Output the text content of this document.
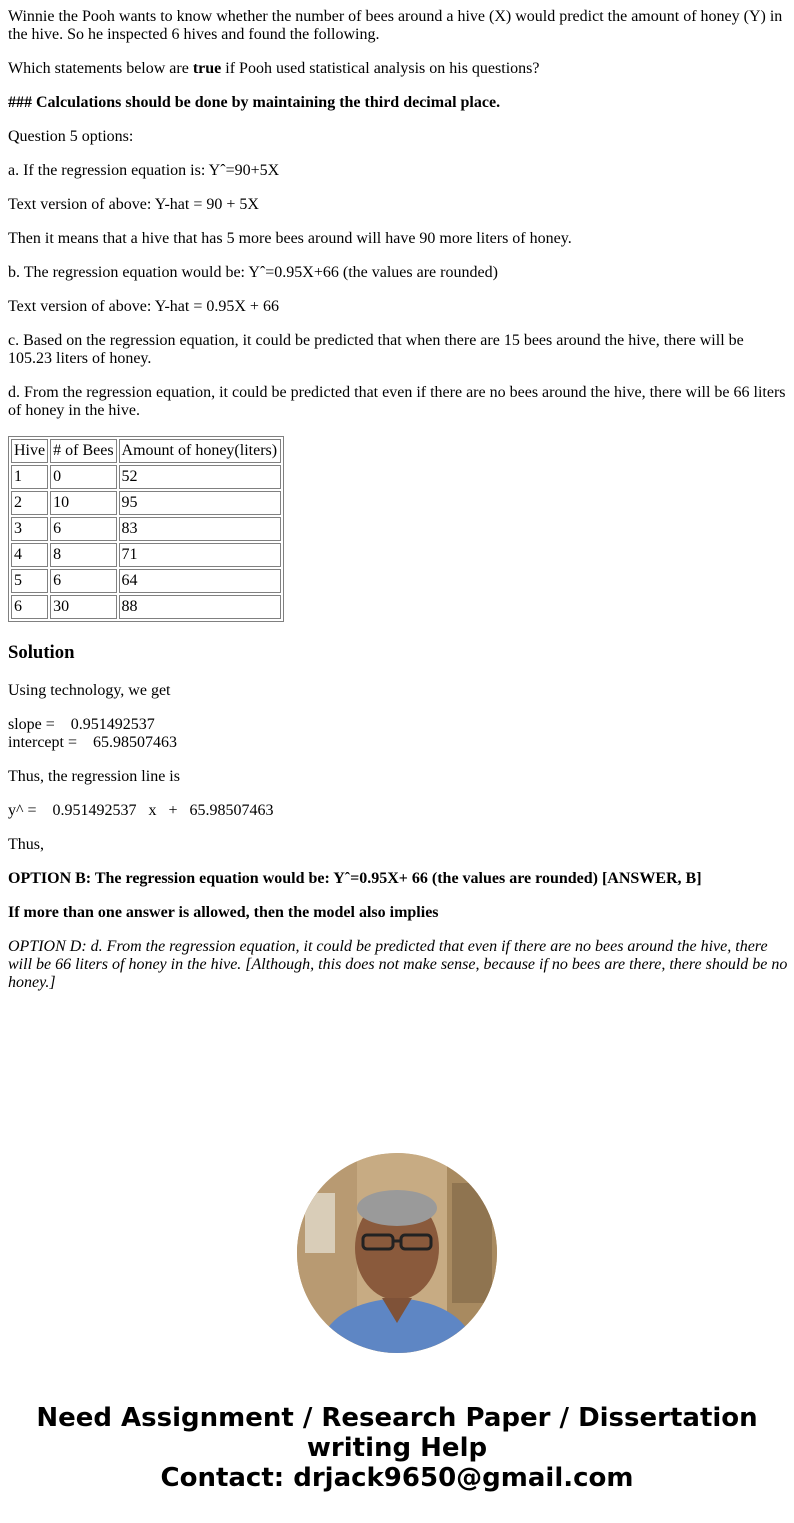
Winnie the Pooh wants to know whether the number of bees around a hive (X) would predict the amount of honey (Y) in the hive. So he inspected 6 hives and found the following.

Which statements below are true if Pooh used statistical analysis on his questions?

### Calculations should be done by maintaining the third decimal place.

Question 5 options:

a. If the regression equation is: Yˆ=90+5X

Text version of above: Y-hat = 90 + 5X

Then it means that a hive that has 5 more bees around will have 90 more liters of honey.

b. The regression equation would be: Yˆ=0.95X+66 (the values are rounded)

Text version of above: Y-hat = 0.95X + 66

c. Based on the regression equation, it could be predicted that when there are 15 bees around the hive, there will be 105.23 liters of honey.

d. From the regression equation, it could be predicted that even if there are no bees around the hive, there will be 66 liters of honey in the hive.

Hive	# of Bees	Amount of honey(liters)
1	0	52
2	10	95
3	6	83
4	8	71
5	6	64
6	30	88
Solution

Using technology, we get

slope =    0.951492537
intercept =    65.98507463

Thus, the regression line is

y^ =    0.951492537   x   +   65.98507463

Thus,

OPTION B: The regression equation would be: Yˆ=0.95X+ 66 (the values are rounded) [ANSWER, B]

If more than one answer is allowed, then the model also implies

OPTION D: d. From the regression equation, it could be predicted that even if there are no bees around the hive, there will be 66 liters of honey in the hive. [Although, this does not make sense, because if no bees are there, there should be no honey.]

Need Assignment / Research Paper / Dissertation
writing Help
Contact: drjack9650@gmail.com
